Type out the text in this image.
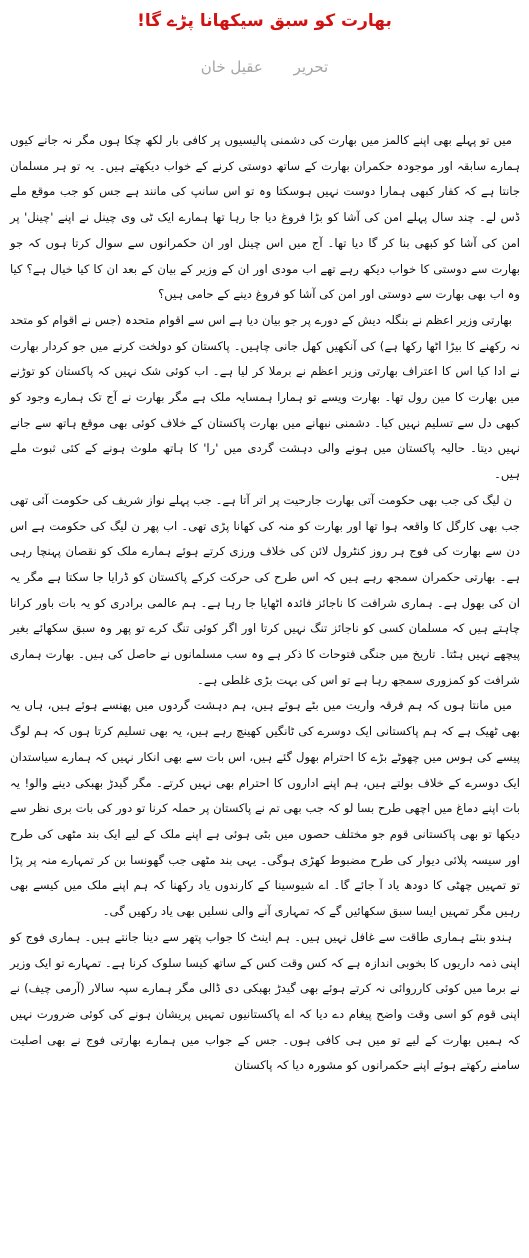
بھارت کو سبق سیکھانا پڑے گا!
تحریر عقیل خان

میں تو پہلے بھی اپنے کالمز میں بھارت کی دشمنی پالیسیوں پر کافی بار لکھ چکا ہوں مگر نہ جانے کیوں ہمارے سابقہ اور موجودہ حکمران بھارت کے ساتھ دوستی کرنے کے خواب دیکھتے ہیں۔ یہ تو ہر مسلمان جانتا ہے کہ کفار کبھی ہمارا دوست نہیں ہوسکتا وہ تو اس سانپ کی مانند ہے جس کو جب موقع ملے ڈس لے۔ چند سال پہلے امن کی آشا کو بڑا فروغ دیا جا رہا تھا ہمارے ایک ٹی وی چینل نے اپنے 'چینل' پر امن کی آشا کو کبھی بنا کر گا دیا تھا۔ آج میں اس چینل اور ان حکمرانوں سے سوال کرتا ہوں کہ جو بھارت سے دوستی کا خواب دیکھ رہے تھے اب مودی اور ان کے وزیر کے بیان کے بعد ان کا کیا خیال ہے؟ کیا وہ اب بھی بھارت سے دوستی اور امن کی آشا کو فروغ دینے کے حامی ہیں؟

بھارتی وزیر اعظم نے بنگلہ دیش کے دورے پر جو بیان دیا ہے اس سے اقوام متحدہ (جس نے اقوام کو متحد نہ رکھنے کا بیڑا اٹھا رکھا ہے) کی آنکھیں کھل جانی چاہیں۔ پاکستان کو دولخت کرنے میں جو کردار بھارت نے ادا کیا اس کا اعتراف بھارتی وزیر اعظم نے برملا کر لیا ہے۔ اب کوئی شک نہیں کہ پاکستان کو توڑنے میں بھارت کا مین رول تھا۔ بھارت ویسے تو ہمارا ہمسایہ ملک ہے مگر بھارت نے آج تک ہمارے وجود کو کبھی دل سے تسلیم نہیں کیا۔ دشمنی نبھانے میں بھارت پاکستان کے خلاف کوئی بھی موقع ہاتھ سے جانے نہیں دیتا۔ حالیہ پاکستان میں ہونے والی دہشت گردی میں 'را' کا ہاتھ ملوث ہونے کے کئی ثبوت ملے ہیں۔

ن لیگ کی جب بھی حکومت آتی بھارت جارحیت پر اتر آتا ہے۔ جب پہلے نواز شریف کی حکومت آئی تھی جب بھی کارگل کا واقعہ ہوا تھا اور بھارت کو منہ کی کھانا پڑی تھی۔ اب پھر ن لیگ کی حکومت ہے اس دن سے بھارت کی فوج ہر روز کنٹرول لائن کی خلاف ورزی کرتے ہوئے ہمارے ملک کو نقصان پہنچا رہی ہے۔ بھارتی حکمران سمجھ رہے ہیں کہ اس طرح کی حرکت کرکے پاکستان کو ڈرایا جا سکتا ہے مگر یہ ان کی بھول ہے۔ ہماری شرافت کا ناجائز فائدہ اٹھایا جا رہا ہے۔ ہم عالمی برادری کو یہ بات باور کرانا چاہتے ہیں کہ مسلمان کسی کو ناجائز تنگ نہیں کرتا اور اگر کوئی تنگ کرے تو پھر وہ سبق سکھائے بغیر پیچھے نہیں ہٹتا۔ تاریخ میں جنگی فتوحات کا ذکر ہے وہ سب مسلمانوں نے حاصل کی ہیں۔ بھارت ہماری شرافت کو کمزوری سمجھ رہا ہے تو اس کی بہت بڑی غلطی ہے۔

میں مانتا ہوں کہ ہم فرقہ واریت میں بٹے ہوئے ہیں، ہم دہشت گردوں میں پھنسے ہوئے ہیں، ہاں یہ بھی ٹھیک ہے کہ ہم پاکستانی ایک دوسرے کی ٹانگیں کھینچ رہے ہیں، یہ بھی تسلیم کرتا ہوں کہ ہم لوگ پیسے کی ہوس میں چھوٹے بڑے کا احترام بھول گئے ہیں، اس بات سے بھی انکار نہیں کہ ہمارے سیاستدان ایک دوسرے کے خلاف بولتے ہیں، ہم اپنے اداروں کا احترام بھی نہیں کرتے۔ مگر گیدڑ بھبکی دینے والو! یہ بات اپنے دماغ میں اچھی طرح بسا لو کہ جب بھی تم نے پاکستان پر حملہ کرنا تو دور کی بات بری نظر سے دیکھا تو بھی پاکستانی قوم جو مختلف حصوں میں بٹی ہوئی ہے اپنے ملک کے لیے ایک بند مٹھی کی طرح اور سیسہ پلائی دیوار کی طرح مضبوط کھڑی ہوگی۔ یہی بند مٹھی جب گھونسا بن کر تمہارے منہ پر پڑا تو تمہیں چھٹی کا دودھ یاد آ جائے گا۔ اے شیوسینا کے کارندوں یاد رکھنا کہ ہم اپنے ملک میں کیسے بھی رہیں مگر تمہیں ایسا سبق سکھائیں گے کہ تمہاری آنے والی نسلیں بھی یاد رکھیں گی۔

ہندو بنئے ہماری طاقت سے غافل نہیں ہیں۔ ہم اینٹ کا جواب پتھر سے دینا جانتے ہیں۔ ہماری فوج کو اپنی ذمہ داریوں کا بخوبی اندازہ ہے کہ کس وقت کس کے ساتھ کیسا سلوک کرنا ہے۔ تمہارے تو ایک وزیر نے برما میں کوئی کارروائی نہ کرتے ہوئے بھی گیدڑ بھبکی دی ڈالی مگر ہمارے سپہ سالار (آرمی چیف) نے اپنی قوم کو اسی وقت واضح پیغام دے دیا کہ اے پاکستانیوں تمہیں پریشان ہونے کی کوئی ضرورت نہیں کہ ہمیں بھارت کے لیے تو میں ہی کافی ہوں۔ جس کے جواب میں ہمارے بھارتی فوج نے بھی اصلیت سامنے رکھتے ہوئے اپنے حکمرانوں کو مشورہ دیا کہ پاکستان
